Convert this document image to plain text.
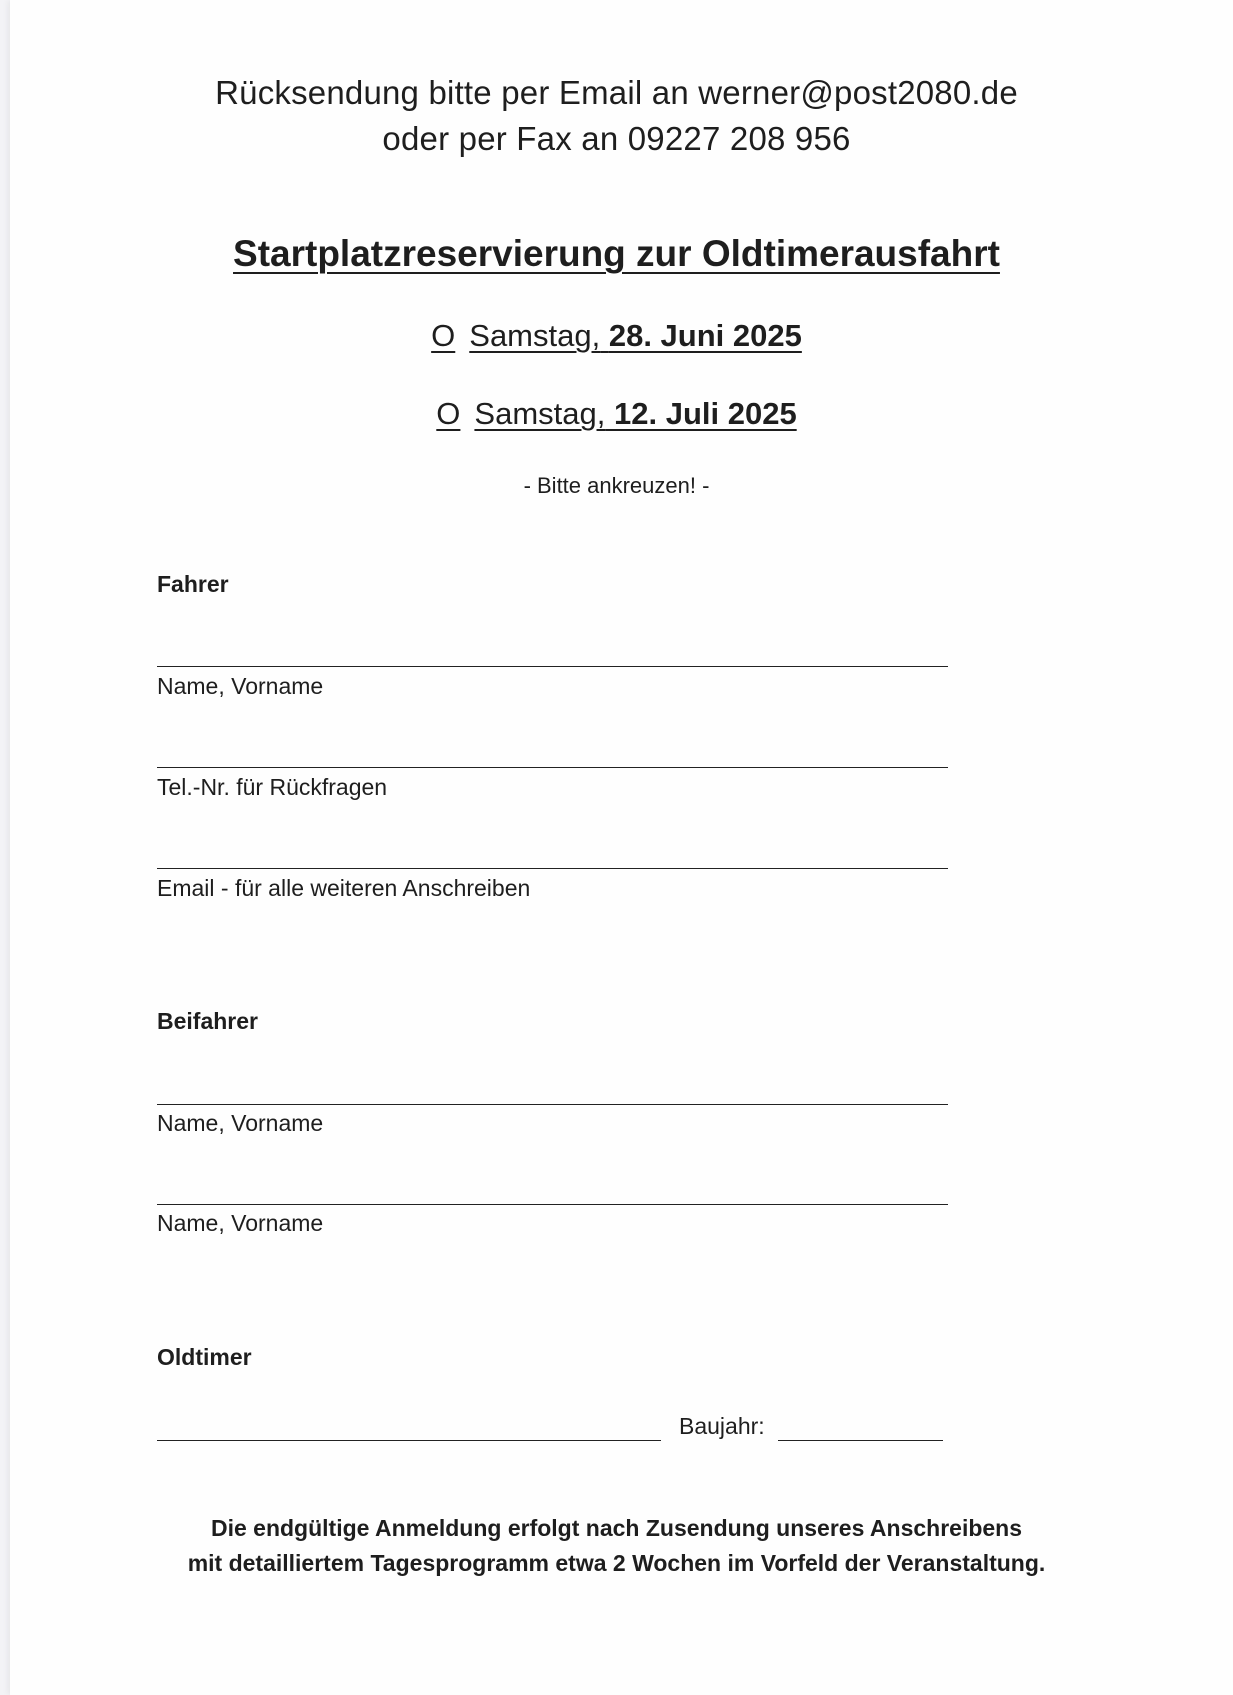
Rücksendung bitte per Email an werner@post2080.de
oder per Fax an 09227 208 956
Startplatzreservierung zur Oldtimerausfahrt
O Samstag, 28. Juni 2025
O Samstag, 12. Juli 2025
- Bitte ankreuzen! -
Fahrer
Name, Vorname
Tel.-Nr. für Rückfragen
Email - für alle weiteren Anschreiben
Beifahrer
Name, Vorname
Name, Vorname
Oldtimer
Baujahr:
Die endgültige Anmeldung erfolgt nach Zusendung unseres Anschreibens
mit detailliertem Tagesprogramm etwa 2 Wochen im Vorfeld der Veranstaltung.
